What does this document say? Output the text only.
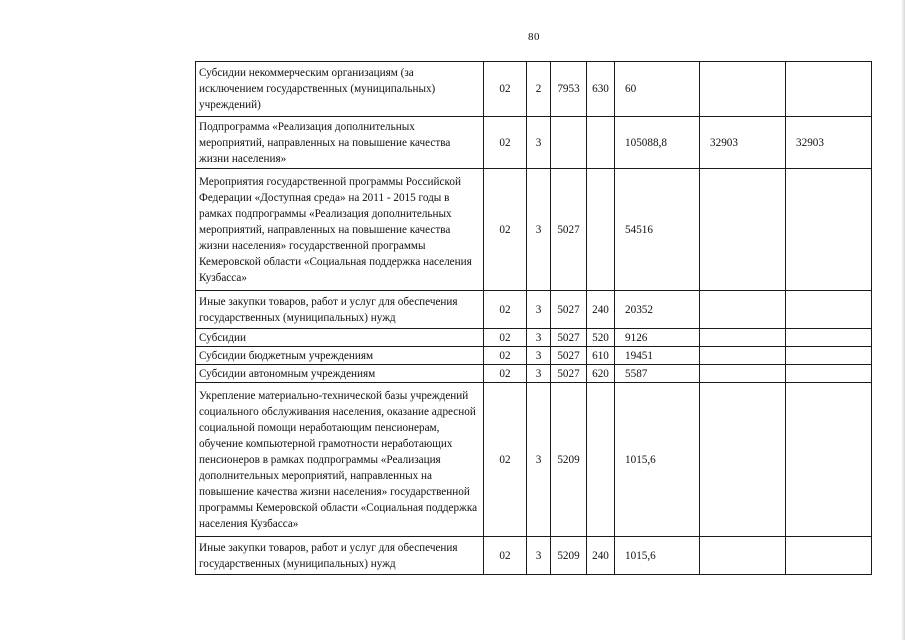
80
Субсидии некоммерческим организациям (за исключением государственных (муниципальных) учреждений)	02	2	7953	630	60		
Подпрограмма «Реализация дополнительных мероприятий, направленных на повышение качества жизни населения»	02	3			105088,8	32903	32903
Мероприятия государственной программы Российской Федерации «Доступная среда» на 2011 - 2015 годы в рамках подпрограммы «Реализация дополнительных мероприятий, направленных на повышение качества жизни населения» государственной программы Кемеровской области «Социальная поддержка населения Кузбасса»	02	3	5027		54516		
Иные закупки товаров, работ и услуг для обеспечения государственных (муниципальных) нужд	02	3	5027	240	20352		
Субсидии	02	3	5027	520	9126		
Субсидии бюджетным учреждениям	02	3	5027	610	19451		
Субсидии автономным учреждениям	02	3	5027	620	5587		
Укрепление материально-технической базы учреждений социального обслуживания населения, оказание адресной социальной помощи неработающим пенсионерам, обучение компьютерной грамотности неработающих пенсионеров в рамках подпрограммы «Реализация дополнительных мероприятий, направленных на повышение качества жизни населения» государственной программы Кемеровской области «Социальная поддержка населения Кузбасса»	02	3	5209		1015,6		
Иные закупки товаров, работ и услуг для обеспечения государственных (муниципальных) нужд	02	3	5209	240	1015,6		
